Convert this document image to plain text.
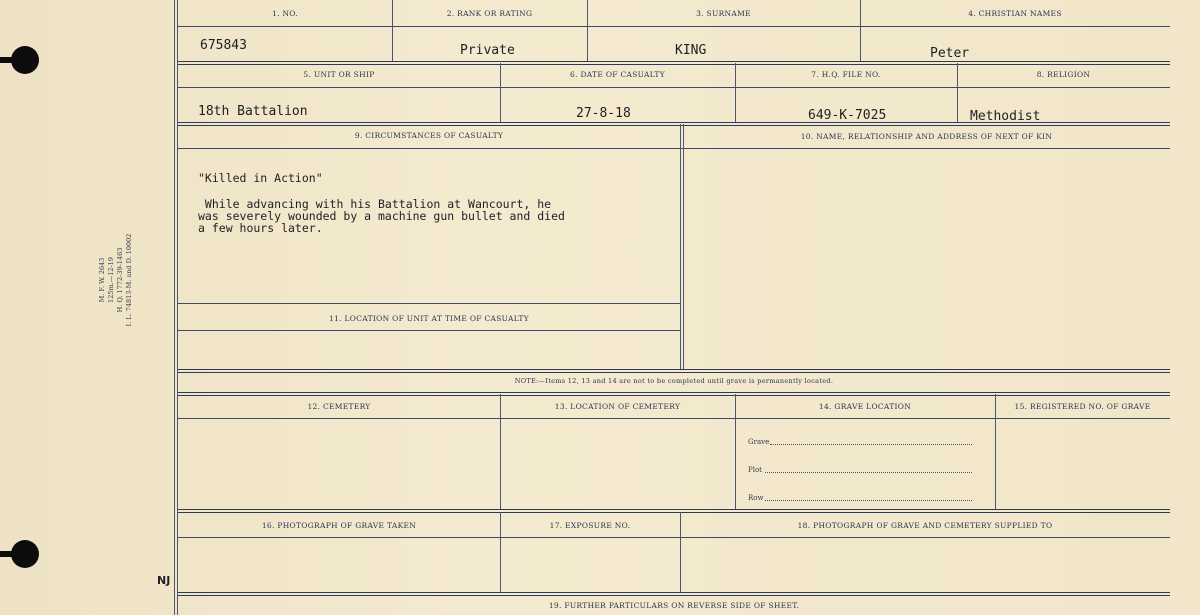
M. F. W. 2643 125m.—12-19 H. Q. 1772-39-1463 I. L. 74813-M. and D. 10002
NJ
1. NO.	2. RANK OR RATING	3. SURNAME	4. CHRISTIAN NAMES
675843	Private	KING	Peter
5. UNIT OR SHIP	6. DATE OF CASUALTY	7. H.Q. FILE NO.	8. RELIGION
18th Battalion	27-8-18	649-K-7025	Methodist
9. CIRCUMSTANCES OF CASUALTY	10. NAME, RELATIONSHIP AND ADDRESS OF NEXT OF KIN
"Killed in Action"
While advancing with his Battalion at Wancourt, he
was severely wounded by a machine gun bullet and died
a few hours later.
11. LOCATION OF UNIT AT TIME OF CASUALTY
NOTE:—Items 12, 13 and 14 are not to be completed until grave is permanently located.
12. CEMETERY	13. LOCATION OF CEMETERY	14. GRAVE LOCATION	15. REGISTERED NO. OF GRAVE
Grave
Plot
Row
16. PHOTOGRAPH OF GRAVE TAKEN	17. EXPOSURE NO.	18. PHOTOGRAPH OF GRAVE AND CEMETERY SUPPLIED TO
19. FURTHER PARTICULARS ON REVERSE SIDE OF SHEET.
